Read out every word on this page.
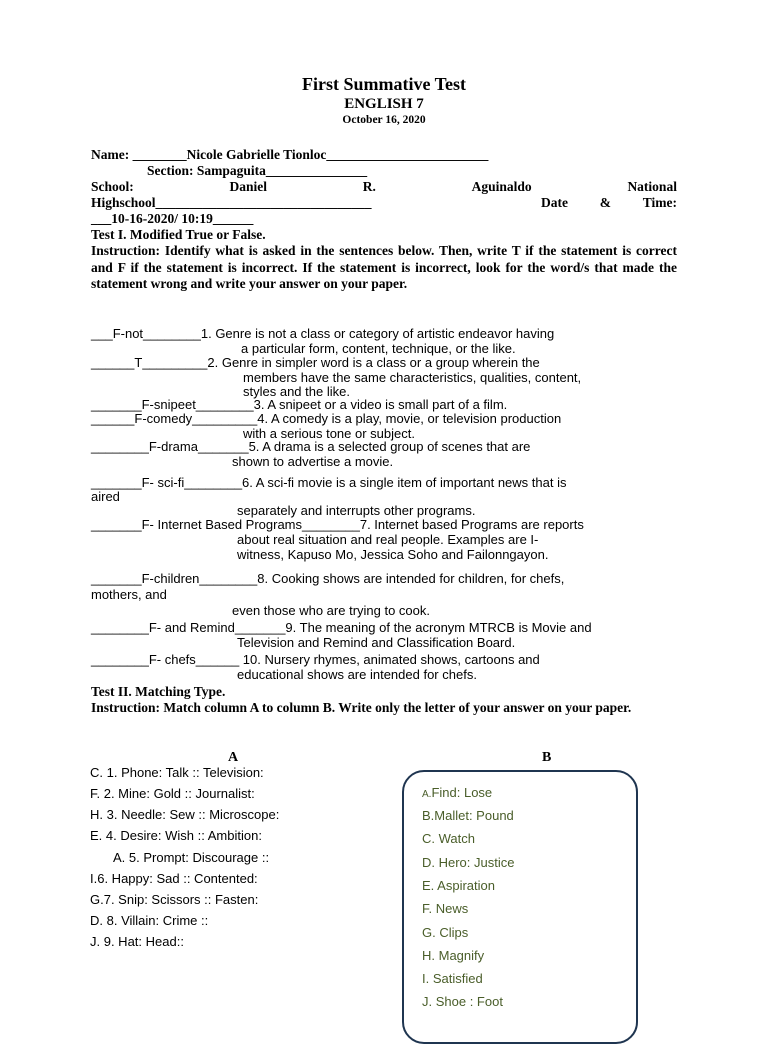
First Summative Test
ENGLISH 7
October 16, 2020
Name: ________Nicole Gabrielle Tionloc________________________
Section: Sampaguita_______________
School:	Daniel	R.	Aguinaldo	National
Highschool________________________________	Date & Time:
___10-16-2020/ 10:19______
Test I. Modified True or False.
Instruction: Identify what is asked in the sentences below. Then, write T if the statement is correct and F if the statement is incorrect. If the statement is incorrect, look for the word/s that made the statement wrong and write your answer on your paper.
___F-not________1. Genre is not a class or category of artistic endeavor having
a particular form, content, technique, or the like.
______T_________2. Genre in simpler word is a class or a group wherein the
members have the same characteristics, qualities, content,
styles and the like.
_______F-snipeet________3. A snipeet or a video is small part of a film.
______F-comedy_________4. A comedy is a play, movie, or television production
with a serious tone or subject.
________F-drama_______5. A drama is a selected group of scenes that are
shown to advertise a movie.
_______F- sci-fi________6. A sci-fi movie is a single item of important news that is
aired
separately and interrupts other programs.
_______F- Internet Based Programs________7. Internet based Programs are reports
about real situation and real people. Examples are I-
witness, Kapuso Mo, Jessica Soho and Failonngayon.
_______F-children________8. Cooking shows are intended for children, for chefs,
mothers, and
even those who are trying to cook.
________F- and Remind_______9. The meaning of the acronym MTRCB is Movie and
Television and Remind and Classification Board.
________F- chefs______ 10. Nursery rhymes, animated shows, cartoons and
educational shows are intended for chefs.
Test II. Matching Type.
Instruction: Match column A to column B. Write only the letter of your answer on your paper.
A	B
C. 1. Phone: Talk :: Television:
F. 2. Mine: Gold :: Journalist:
H. 3. Needle: Sew :: Microscope:
E. 4. Desire: Wish :: Ambition:
A. 5. Prompt: Discourage ::
I.6. Happy: Sad :: Contented:
G.7. Snip: Scissors :: Fasten:
D. 8. Villain: Crime ::
J. 9. Hat: Head::
A.Find: Lose
B.Mallet: Pound
C. Watch
D. Hero: Justice
E. Aspiration
F. News
G. Clips
H. Magnify
I. Satisfied
J. Shoe : Foot
